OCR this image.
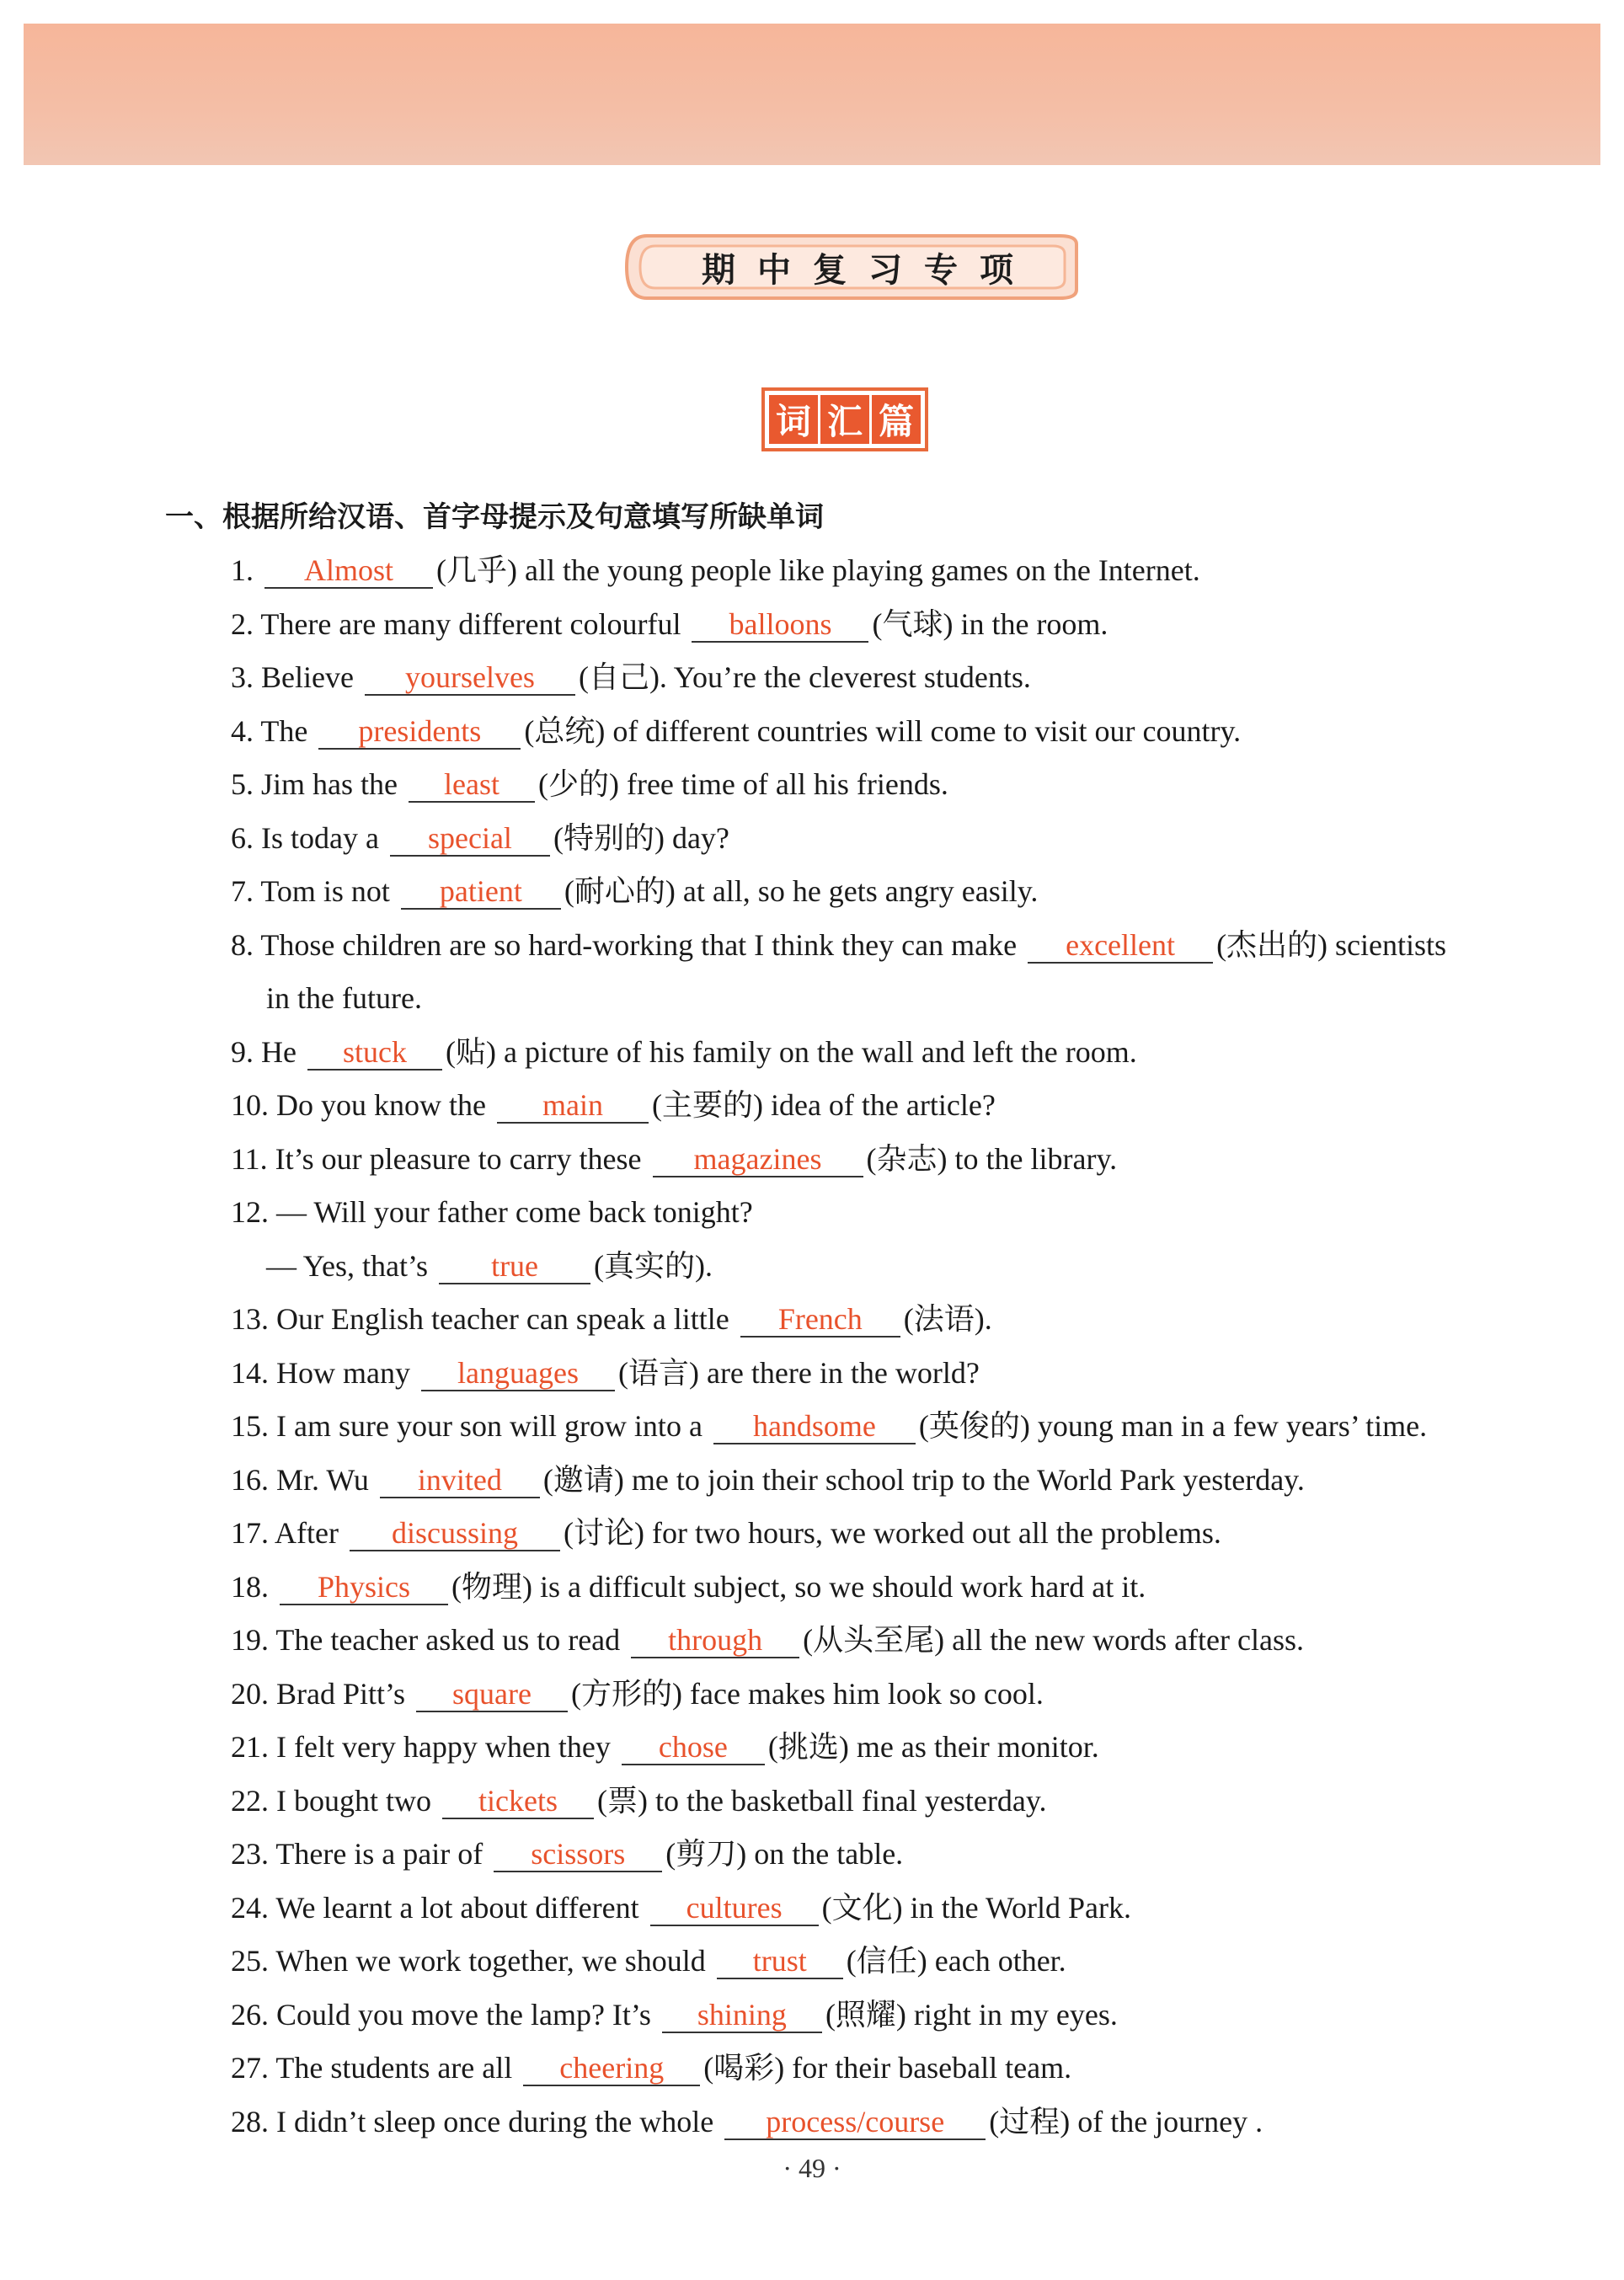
期中复习专项
词 汇 篇
一、根据所给汉语、首字母提示及句意填写所缺单词
1. Almost (几乎) all the young people like playing games on the Internet.
2. There are many different colourful balloons (气球) in the room.
3. Believe yourselves (自己). You’re the cleverest students.
4. The presidents (总统) of different countries will come to visit our country.
5. Jim has the least (少的) free time of all his friends.
6. Is today a special (特别的) day?
7. Tom is not patient (耐心的) at all, so he gets angry easily.
8. Those children are so hard-working that I think they can make excellent (杰出的) scientists
in the future.
9. He stuck (贴) a picture of his family on the wall and left the room.
10. Do you know the main (主要的) idea of the article?
11. It’s our pleasure to carry these magazines (杂志) to the library.
12. — Will your father come back tonight?
— Yes, that’s true (真实的).
13. Our English teacher can speak a little French (法语).
14. How many languages (语言) are there in the world?
15. I am sure your son will grow into a handsome (英俊的) young man in a few years’ time.
16. Mr. Wu invited (邀请) me to join their school trip to the World Park yesterday.
17. After discussing (讨论) for two hours, we worked out all the problems.
18. Physics (物理) is a difficult subject, so we should work hard at it.
19. The teacher asked us to read through (从头至尾) all the new words after class.
20. Brad Pitt’s square (方形的) face makes him look so cool.
21. I felt very happy when they chose (挑选) me as their monitor.
22. I bought two tickets (票) to the basketball final yesterday.
23. There is a pair of scissors (剪刀) on the table.
24. We learnt a lot about different cultures (文化) in the World Park.
25. When we work together, we should trust (信任) each other.
26. Could you move the lamp? It’s shining (照耀) right in my eyes.
27. The students are all cheering (喝彩) for their baseball team.
28. I didn’t sleep once during the whole process/course (过程) of the journey .
· 49 ·
